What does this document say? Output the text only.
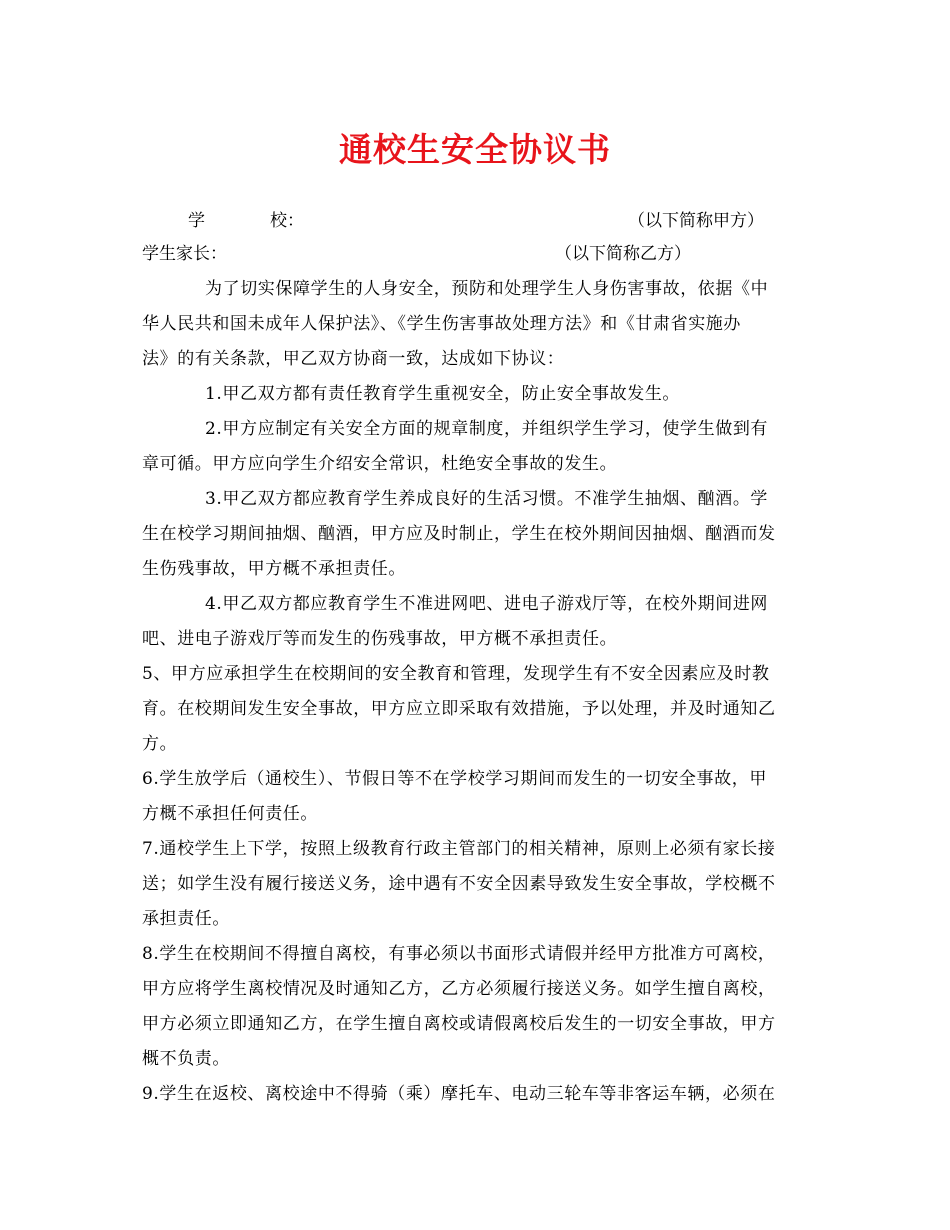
通校生安全协议书
学	校：	（以下简称甲方）
学生家长：	（以下简称乙方）
为了切实保障学生的人身安全，预防和处理学生人身伤害事故，依据《中
华人民共和国未成年人保护法》、《学生伤害事故处理方法》和《甘肃省实施办
法》的有关条款，甲乙双方协商一致，达成如下协议：
1.甲乙双方都有责任教育学生重视安全，防止安全事故发生。
2.甲方应制定有关安全方面的规章制度，并组织学生学习，使学生做到有
章可循。甲方应向学生介绍安全常识，杜绝安全事故的发生。
3.甲乙双方都应教育学生养成良好的生活习惯。不准学生抽烟、酗酒。学
生在校学习期间抽烟、酗酒，甲方应及时制止，学生在校外期间因抽烟、酗酒而发
生伤残事故，甲方概不承担责任。
4.甲乙双方都应教育学生不准进网吧、进电子游戏厅等，在校外期间进网
吧、进电子游戏厅等而发生的伤残事故，甲方概不承担责任。
5、甲方应承担学生在校期间的安全教育和管理，发现学生有不安全因素应及时教
育。在校期间发生安全事故，甲方应立即采取有效措施，予以处理，并及时通知乙
方。
6.学生放学后（通校生）、节假日等不在学校学习期间而发生的一切安全事故，甲
方概不承担任何责任。
7.通校学生上下学，按照上级教育行政主管部门的相关精神，原则上必须有家长接
送；如学生没有履行接送义务，途中遇有不安全因素导致发生安全事故，学校概不
承担责任。
8.学生在校期间不得擅自离校，有事必须以书面形式请假并经甲方批准方可离校，
甲方应将学生离校情况及时通知乙方，乙方必须履行接送义务。如学生擅自离校，
甲方必须立即通知乙方，在学生擅自离校或请假离校后发生的一切安全事故，甲方
概不负责。
9.学生在返校、离校途中不得骑（乘）摩托车、电动三轮车等非客运车辆，必须在
